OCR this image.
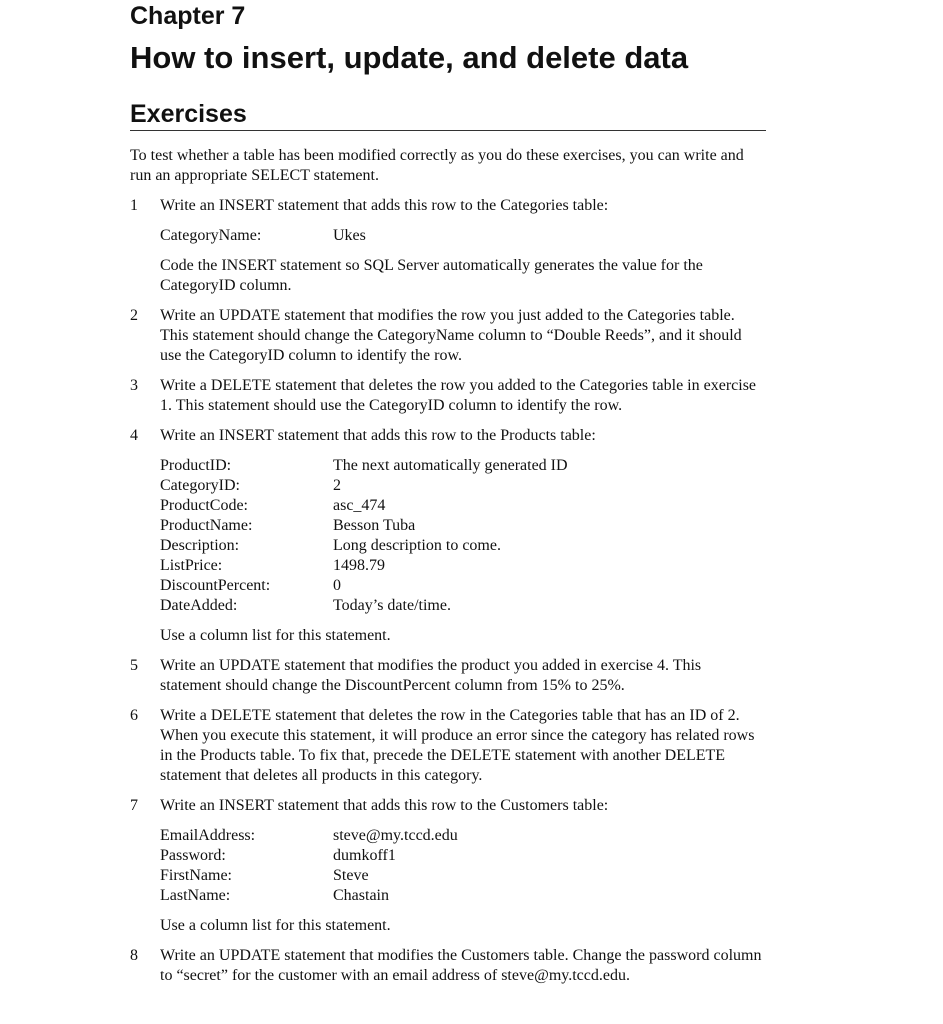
Chapter 7
How to insert, update, and delete data
Exercises

To test whether a table has been modified correctly as you do these exercises, you can write and run an appropriate SELECT statement.

1	Write an INSERT statement that adds this row to the Categories table:

CategoryName:	Ukes

Code the INSERT statement so SQL Server automatically generates the value for the CategoryID column.

2	Write an UPDATE statement that modifies the row you just added to the Categories table. This statement should change the CategoryName column to “Double Reeds”, and it should use the CategoryID column to identify the row.

3	Write a DELETE statement that deletes the row you added to the Categories table in exercise 1. This statement should use the CategoryID column to identify the row.

4	Write an INSERT statement that adds this row to the Products table:

ProductID:	The next automatically generated ID
CategoryID:	2
ProductCode:	asc_474
ProductName:	Besson Tuba
Description:	Long description to come.
ListPrice:	1498.79
DiscountPercent:	0
DateAdded:	Today’s date/time.

Use a column list for this statement.

5	Write an UPDATE statement that modifies the product you added in exercise 4. This statement should change the DiscountPercent column from 15% to 25%.

6	Write a DELETE statement that deletes the row in the Categories table that has an ID of 2. When you execute this statement, it will produce an error since the category has related rows in the Products table. To fix that, precede the DELETE statement with another DELETE statement that deletes all products in this category.

7	Write an INSERT statement that adds this row to the Customers table:

EmailAddress:	steve@my.tccd.edu
Password:	dumkoff1
FirstName:	Steve
LastName:	Chastain

Use a column list for this statement.

8	Write an UPDATE statement that modifies the Customers table. Change the password column to “secret” for the customer with an email address of steve@my.tccd.edu.
